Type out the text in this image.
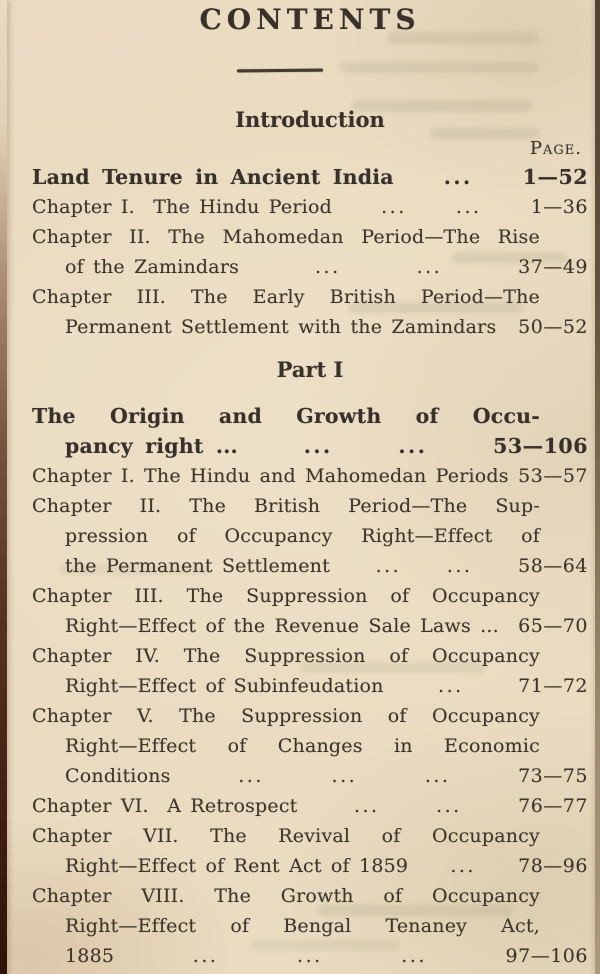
CONTENTS
Introduction
Page.
Land Tenure in Ancient India ... 1—52
Chapter I.  The Hindu Period	...	...	1—36
Chapter II. The Mahomedan Period—The Rise
of the Zamindars	...	...	37—49
Chapter III. The Early British Period—The
Permanent Settlement with the Zamindars 50—52
Part I
The Origin and Growth of Occu-
pancy right ...	...	...	53—106
Chapter I. The Hindu and Mahomedan Periods 53—57
Chapter II. The British Period—The Sup-
pression of Occupancy Right—Effect of
the Permanent Settlement ... ... 58—64
Chapter III. The Suppression of Occupancy
Right—Effect of the Revenue Sale Laws ... 65—70
Chapter IV. The Suppression of Occupancy
Right—Effect of Subinfeudation	...	71—72
Chapter V. The Suppression of Occupancy
Right—Effect of Changes in Economic
Conditions	...	...	...	73—75
Chapter VI.  A Retrospect	...	...	76—77
Chapter VII. The Revival of Occupancy
Right—Effect of Rent Act of 1859 ... 78—96
Chapter VIII. The Growth of Occupancy
Right—Effect of Bengal Tenaney Act,
1885	...	...	...	97—106
